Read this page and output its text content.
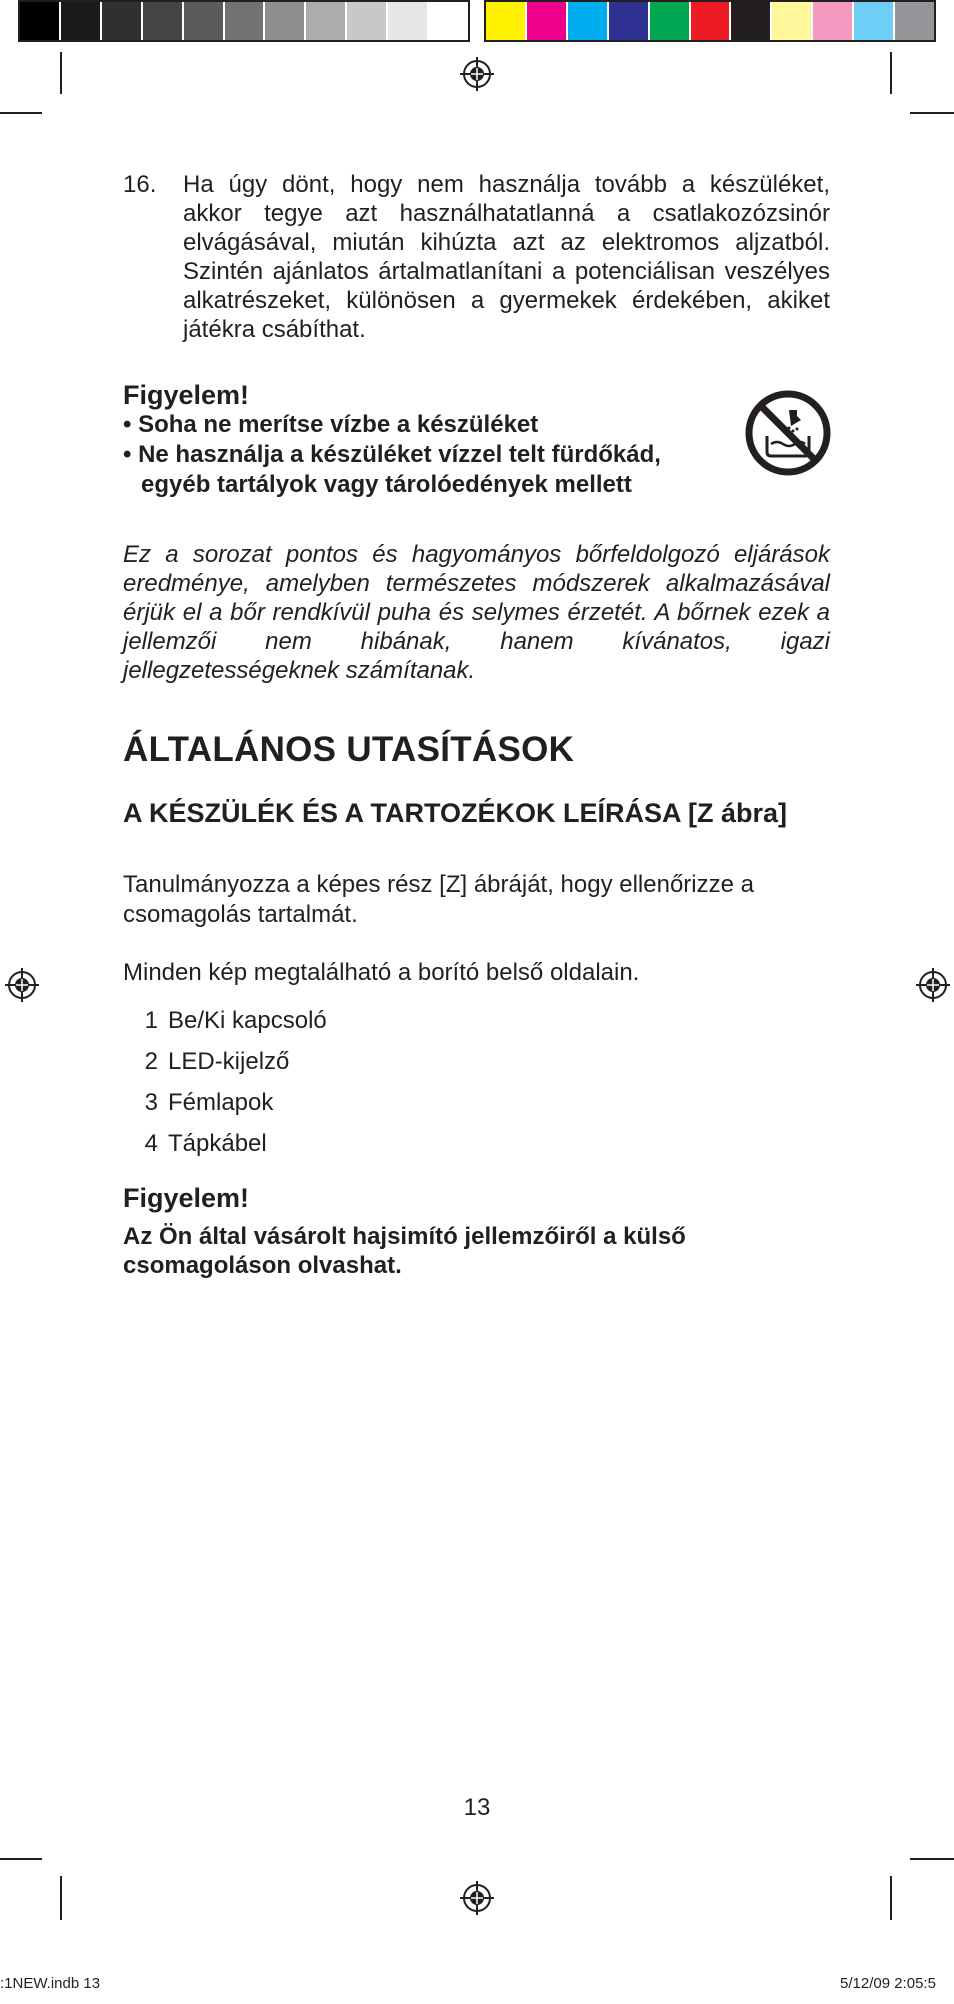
16.	Ha úgy dönt, hogy nem használja tovább a készüléket, akkor tegye azt használhatatlanná a csatlakozózsinór elvágásával, miután kihúzta azt az elektromos aljzatból. Szintén ajánlatos ártalmatlanítani a potenciálisan veszélyes alkatrészeket, különösen a gyermekek érdekében, akiket játékra csábíthat.
Figyelem!
• Soha ne merítse vízbe a készüléket
• Ne használja a készüléket vízzel telt fürdőkád, egyéb tartályok vagy tárolóedények mellett
Ez a sorozat pontos és hagyományos bőrfeldolgozó eljárások eredménye, amelyben természetes módszerek alkalmazásával érjük el a bőr rendkívül puha és selymes érzetét. A bőrnek ezek a jellemzői nem hibának, hanem kívánatos, igazi jellegzetességeknek számítanak.
ÁLTALÁNOS UTASÍTÁSOK
A KÉSZÜLÉK ÉS A TARTOZÉKOK LEÍRÁSA [Z ábra]
Tanulmányozza a képes rész [Z] ábráját, hogy ellenőrizze a csomagolás tartalmát.
Minden kép megtalálható a borító belső oldalain.
1 Be/Ki kapcsoló
2 LED-kijelző
3 Fémlapok
4 Tápkábel
Figyelem!
Az Ön által vásárolt hajsimító jellemzőiről a külső csomagoláson olvashat.
13
:1NEW.indb 13	5/12/09 2:05:5
